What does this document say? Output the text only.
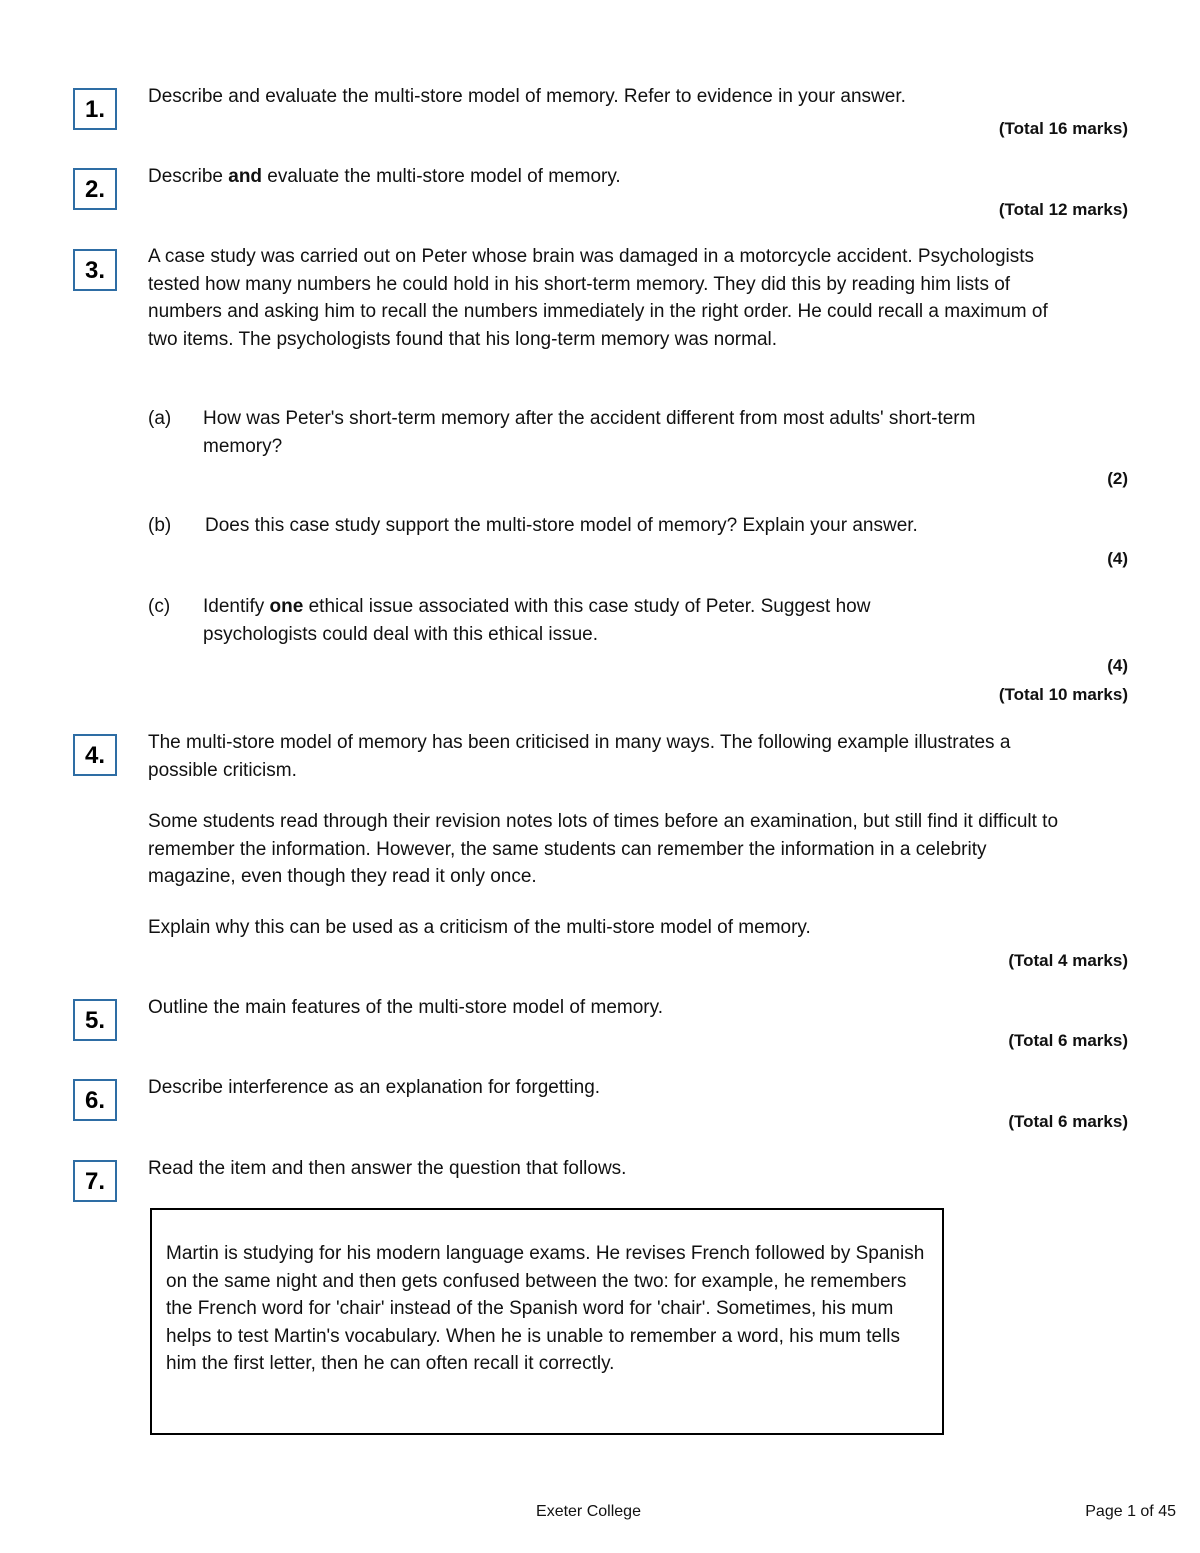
1.	Describe and evaluate the multi-store model of memory. Refer to evidence in your answer.

(Total 16 marks)
2.	Describe and evaluate the multi-store model of memory.

(Total 12 marks)
3.

A case study was carried out on Peter whose brain was damaged in a motorcycle accident. Psychologists tested how many numbers he could hold in his short-term memory. They did this by reading him lists of numbers and asking him to recall the numbers immediately in the right order. He could recall a maximum of two items. The psychologists found that his long-term memory was normal.

(a) How was Peter's short-term memory after the accident different from most adults' short-term memory?

(2)
(b) Does this case study support the multi-store model of memory? Explain your answer.

(4)
(c) Identify one ethical issue associated with this case study of Peter. Suggest how psychologists could deal with this ethical issue.

(4)
(Total 10 marks)
4.	The multi-store model of memory has been criticised in many ways. The following example illustrates a possible criticism.

Some students read through their revision notes lots of times before an examination, but still find it difficult to remember the information. However, the same students can remember the information in a celebrity magazine, even though they read it only once.

Explain why this can be used as a criticism of the multi-store model of memory.

(Total 4 marks)
5.	Outline the main features of the multi-store model of memory.

(Total 6 marks)
6.	Describe interference as an explanation for forgetting.

(Total 6 marks)
7.	Read the item and then answer the question that follows.

Martin is studying for his modern language exams. He revises French followed by Spanish on the same night and then gets confused between the two: for example, he remembers the French word for 'chair' instead of the Spanish word for 'chair'. Sometimes, his mum helps to test Martin's vocabulary. When he is unable to remember a word, his mum tells him the first letter, then he can often recall it correctly.

Exeter College	Page 1 of 45
